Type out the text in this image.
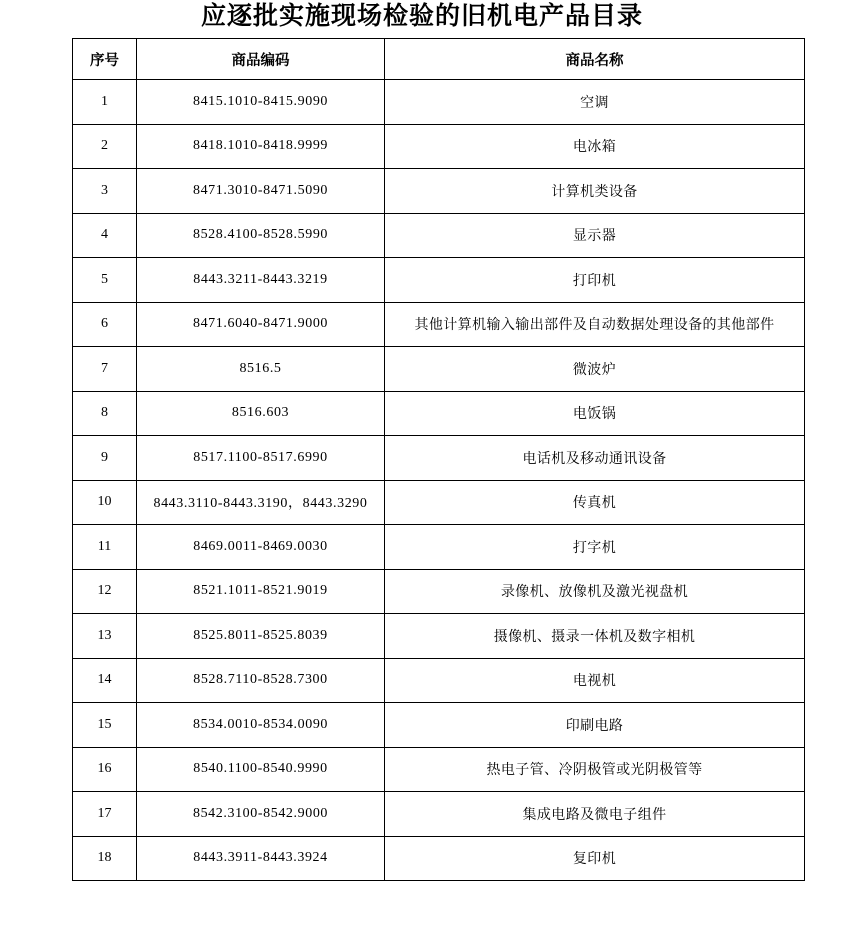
应逐批实施现场检验的旧机电产品目录
序号	商品编码	商品名称
1	8415.1010-8415.9090	空调
2	8418.1010-8418.9999	电冰箱
3	8471.3010-8471.5090	计算机类设备
4	8528.4100-8528.5990	显示器
5	8443.3211-8443.3219	打印机
6	8471.6040-8471.9000	其他计算机输入输出部件及自动数据处理设备的其他部件
7	8516.5	微波炉
8	8516.603	电饭锅
9	8517.1100-8517.6990	电话机及移动通讯设备
10	8443.3110-8443.3190，8443.3290	传真机
11	8469.0011-8469.0030	打字机
12	8521.1011-8521.9019	录像机、放像机及激光视盘机
13	8525.8011-8525.8039	摄像机、摄录一体机及数字相机
14	8528.7110-8528.7300	电视机
15	8534.0010-8534.0090	印刷电路
16	8540.1100-8540.9990	热电子管、冷阴极管或光阴极管等
17	8542.3100-8542.9000	集成电路及微电子组件
18	8443.3911-8443.3924	复印机
